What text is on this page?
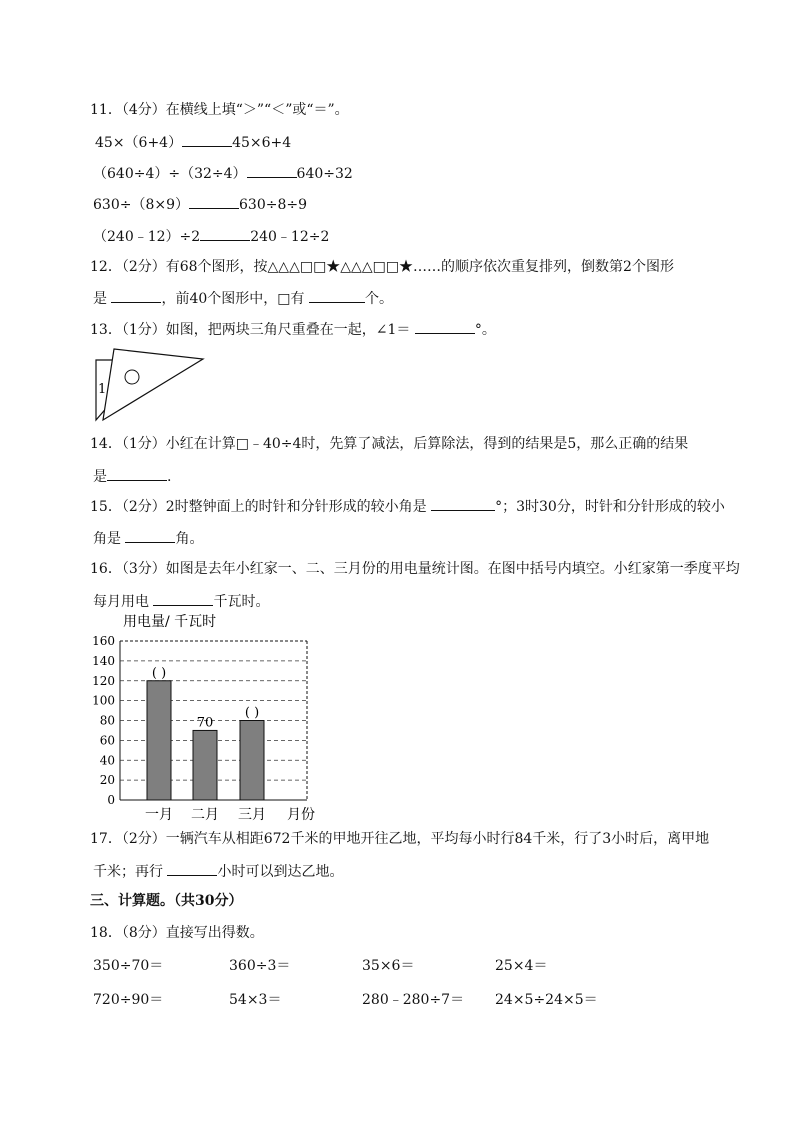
11．（4分）在横线上填“＞”“＜”或“＝”。
45×（6+4）	45×6+4
（640÷4）÷（32÷4）	640÷32
630÷（8×9）	630÷8÷9
（240﹣12）÷2	240﹣12÷2
12．（2分）有68个图形，按△△△□□★△△△□□★……的顺序依次重复排列，倒数第2个图形
是	，前40个图形中，□有	个。
13．（1分）如图，把两块三角尺重叠在一起，∠1＝	°。
1
14．（1分）小红在计算□﹣40÷4时，先算了减法，后算除法，得到的结果是5，那么正确的结果
是	.
15．（2分）2时整钟面上的时针和分针形成的较小角是	°；3时30分，时针和分针形成的较小
角是	角。
16．（3分）如图是去年小红家一、二、三月份的用电量统计图。在图中括号内填空。小红家第一季度平均
每月用电	千瓦时。
用电量/ 千瓦时
0
20
40
60
80
100
120
140
160
( )
70
( )
一月 二月 三月 月份
17．（2分）一辆汽车从相距672千米的甲地开往乙地，平均每小时行84千米，行了3小时后，离甲地
千米；再行	小时可以到达乙地。
三、计算题。（共30分）
18．（8分）直接写出得数。
350÷70＝	360÷3＝	35×6＝	25×4＝
720÷90＝	54×3＝	280﹣280÷7＝ 24×5÷24×5＝
